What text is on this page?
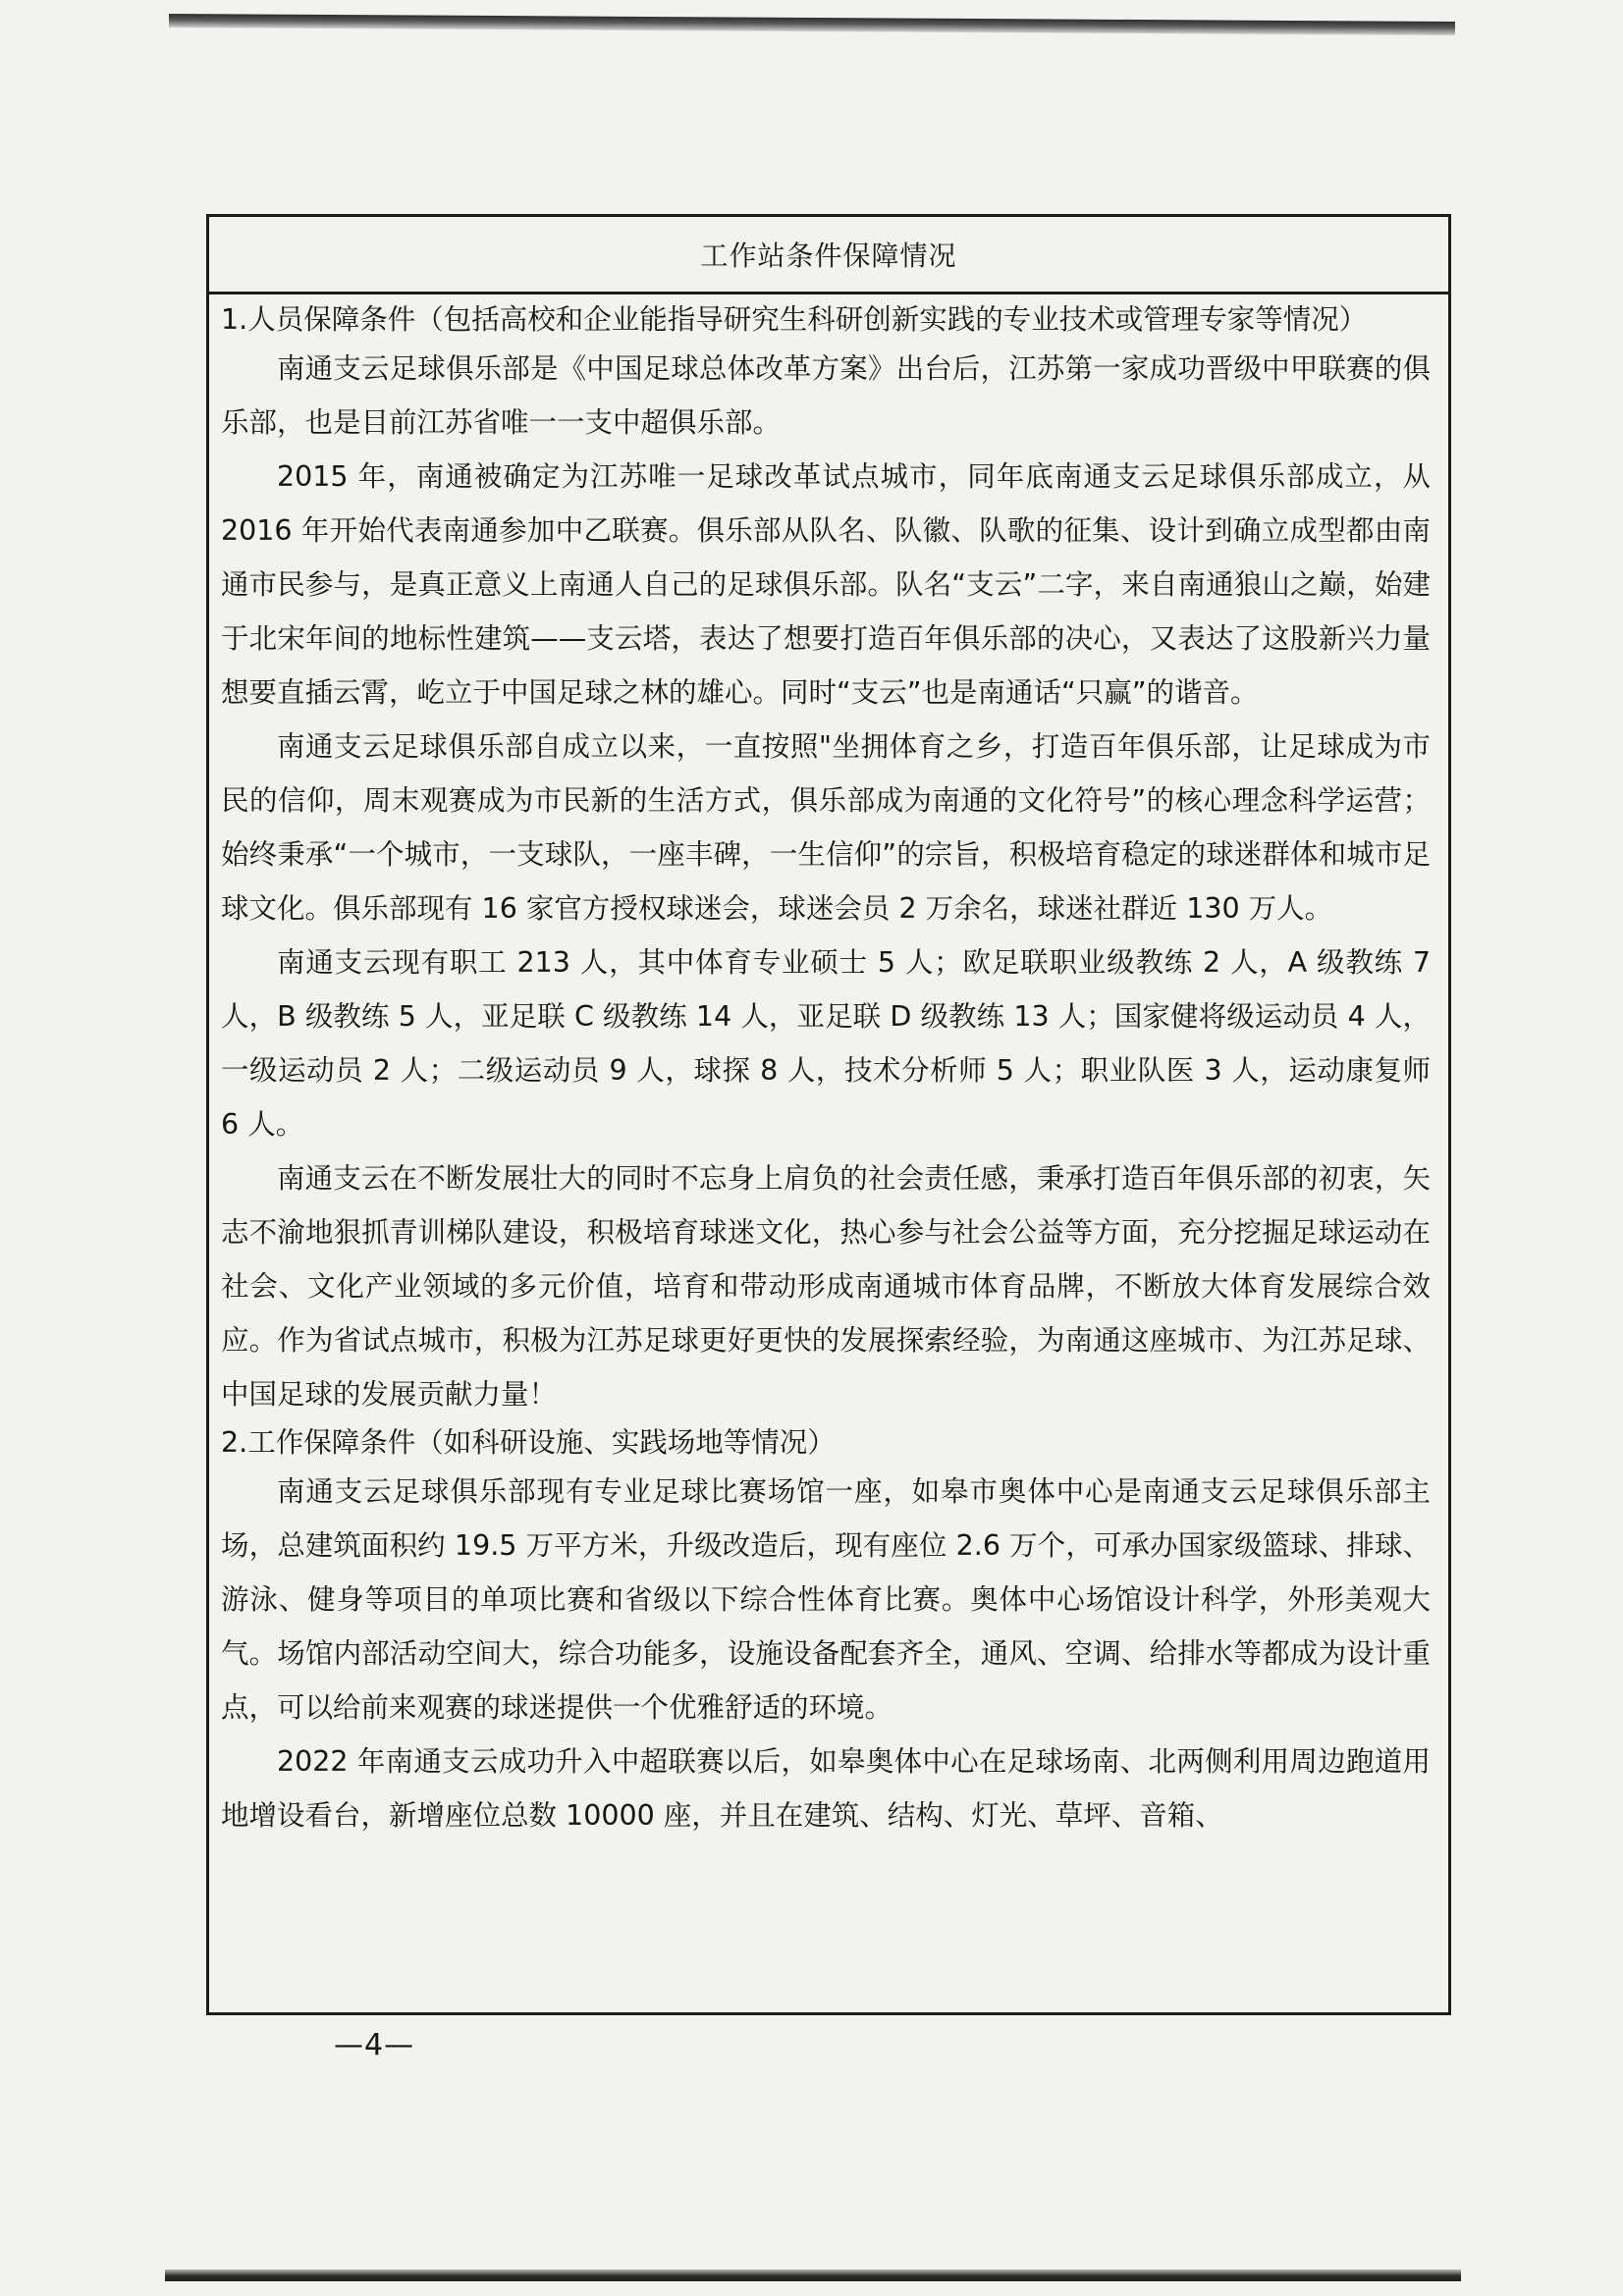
工作站条件保障情况
1.人员保障条件（包括高校和企业能指导研究生科研创新实践的专业技术或管理专家等情况）

南通支云足球俱乐部是《中国足球总体改革方案》出台后，江苏第一家成功晋级中甲联赛的俱乐部，也是目前江苏省唯一一支中超俱乐部。

2015 年，南通被确定为江苏唯一足球改革试点城市，同年底南通支云足球俱乐部成立，从 2016 年开始代表南通参加中乙联赛。俱乐部从队名、队徽、队歌的征集、设计到确立成型都由南通市民参与，是真正意义上南通人自己的足球俱乐部。队名“支云”二字，来自南通狼山之巅，始建于北宋年间的地标性建筑——支云塔，表达了想要打造百年俱乐部的决心，又表达了这股新兴力量想要直插云霄，屹立于中国足球之林的雄心。同时“支云”也是南通话“只赢”的谐音。

南通支云足球俱乐部自成立以来，一直按照"坐拥体育之乡，打造百年俱乐部，让足球成为市民的信仰，周末观赛成为市民新的生活方式，俱乐部成为南通的文化符号”的核心理念科学运营；始终秉承“一个城市，一支球队，一座丰碑，一生信仰”的宗旨，积极培育稳定的球迷群体和城市足球文化。俱乐部现有 16 家官方授权球迷会，球迷会员 2 万余名，球迷社群近 130 万人。

南通支云现有职工 213 人，其中体育专业硕士 5 人；欧足联职业级教练 2 人，A 级教练 7 人，B 级教练 5 人，亚足联 C 级教练 14 人，亚足联 D 级教练 13 人；国家健将级运动员 4 人，一级运动员 2 人；二级运动员 9 人，球探 8 人，技术分析师 5 人；职业队医 3 人，运动康复师 6 人。

南通支云在不断发展壮大的同时不忘身上肩负的社会责任感，秉承打造百年俱乐部的初衷，矢志不渝地狠抓青训梯队建设，积极培育球迷文化，热心参与社会公益等方面，充分挖掘足球运动在社会、文化产业领域的多元价值，培育和带动形成南通城市体育品牌，不断放大体育发展综合效应。作为省试点城市，积极为江苏足球更好更快的发展探索经验，为南通这座城市、为江苏足球、中国足球的发展贡献力量！

2.工作保障条件（如科研设施、实践场地等情况）

南通支云足球俱乐部现有专业足球比赛场馆一座，如皋市奥体中心是南通支云足球俱乐部主场，总建筑面积约 19.5 万平方米，升级改造后，现有座位 2.6 万个，可承办国家级篮球、排球、游泳、健身等项目的单项比赛和省级以下综合性体育比赛。奥体中心场馆设计科学，外形美观大气。场馆内部活动空间大，综合功能多，设施设备配套齐全，通风、空调、给排水等都成为设计重点，可以给前来观赛的球迷提供一个优雅舒适的环境。

2022 年南通支云成功升入中超联赛以后，如皋奥体中心在足球场南、北两侧利用周边跑道用地增设看台，新增座位总数 10000 座，并且在建筑、结构、灯光、草坪、音箱、

—4—
